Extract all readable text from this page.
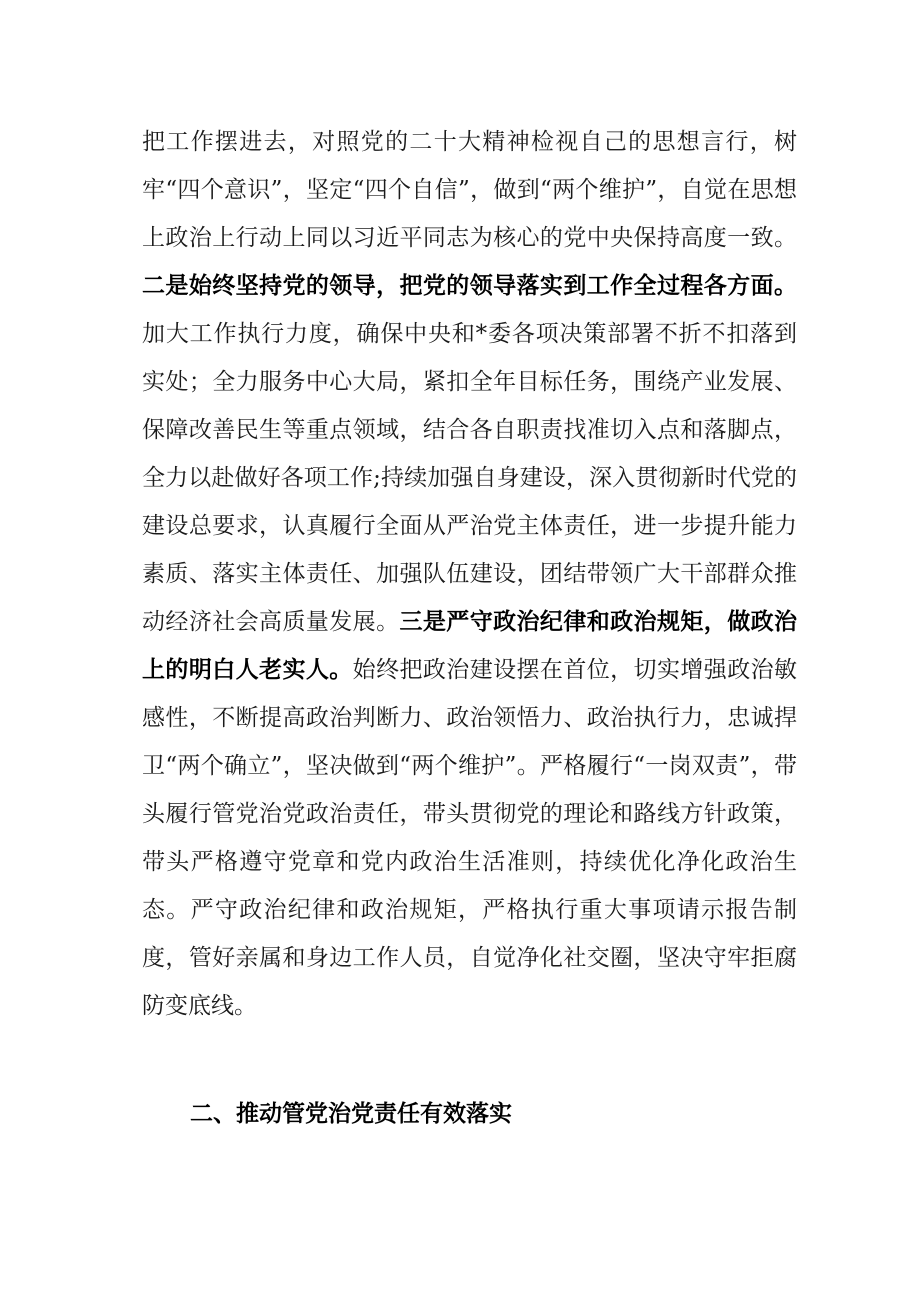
把工作摆进去，对照党的二十大精神检视自己的思想言行，树牢“四个意识”，坚定“四个自信”，做到“两个维护”，自觉在思想上政治上行动上同以习近平同志为核心的党中央保持高度一致。二是始终坚持党的领导，把党的领导落实到工作全过程各方面。加大工作执行力度，确保中央和*委各项决策部署不折不扣落到实处；全力服务中心大局，紧扣全年目标任务，围绕产业发展、保障改善民生等重点领域，结合各自职责找准切入点和落脚点，全力以赴做好各项工作;持续加强自身建设，深入贯彻新时代党的建设总要求，认真履行全面从严治党主体责任，进一步提升能力素质、落实主体责任、加强队伍建设，团结带领广大干部群众推动经济社会高质量发展。三是严守政治纪律和政治规矩，做政治上的明白人老实人。始终把政治建设摆在首位，切实增强政治敏感性，不断提高政治判断力、政治领悟力、政治执行力，忠诚捍卫“两个确立”，坚决做到“两个维护”。严格履行“一岗双责”，带头履行管党治党政治责任，带头贯彻党的理论和路线方针政策，带头严格遵守党章和党内政治生活准则，持续优化净化政治生态。严守政治纪律和政治规矩，严格执行重大事项请示报告制度，管好亲属和身边工作人员，自觉净化社交圈，坚决守牢拒腐防变底线。

二、推动管党治党责任有效落实
